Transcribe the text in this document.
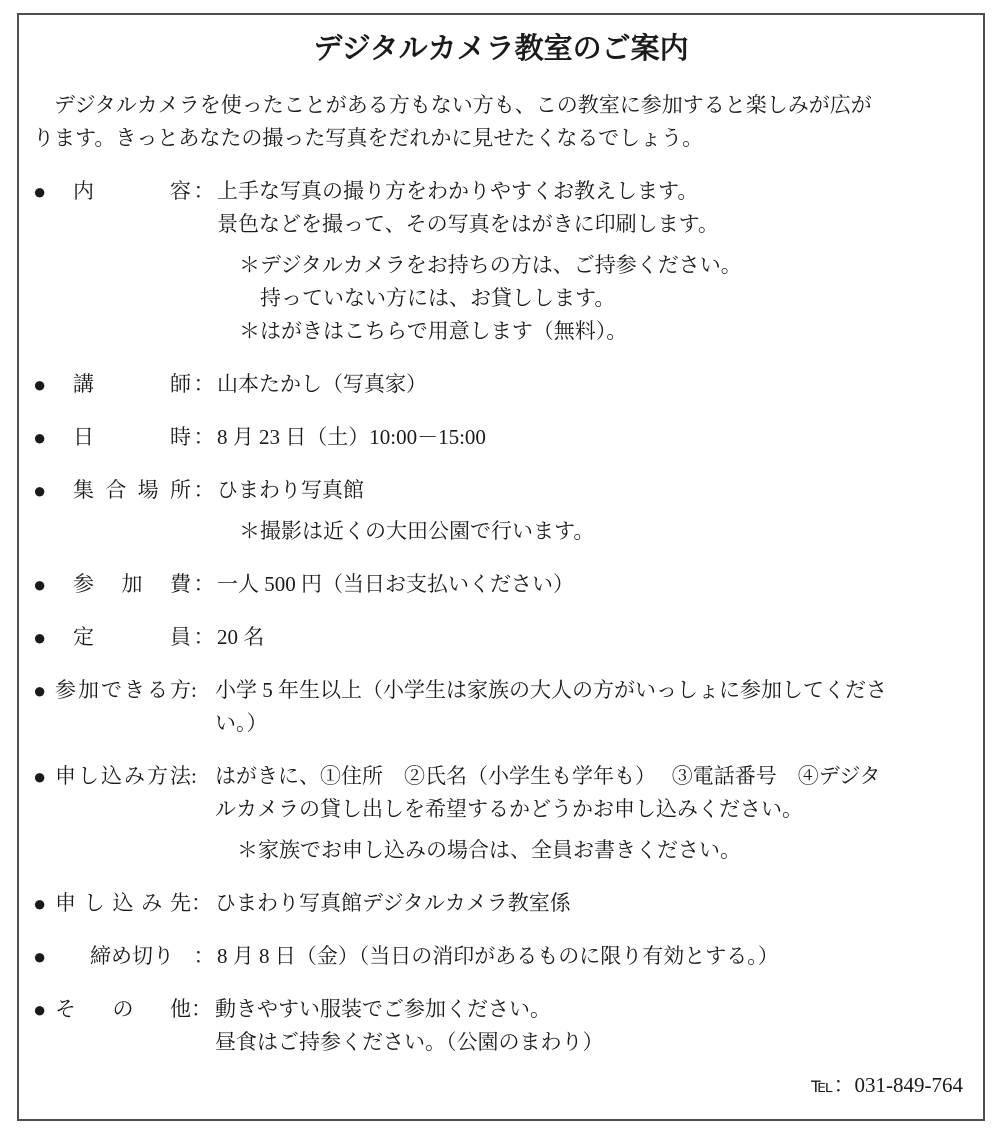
デジタルカメラ教室のご案内
　デジタルカメラを使ったことがある方もない方も、この教室に参加すると楽しみが広が
ります。きっとあなたの撮った写真をだれかに見せたくなるでしょう。
●	内容 ： 上手な写真の撮り方をわかりやすくお教えします。
景色などを撮って、その写真をはがきに印刷します。
＊デジタルカメラをお持ちの方は、ご持参ください。
　持っていない方には、お貸しします。
＊はがきはこちらで用意します（無料）。
●	講師 ： 山本たかし（写真家）
●	日時 ： 8 月 23 日（土）10:00－15:00
●	集合場所 ： ひまわり写真館
＊撮影は近くの大田公園で行います。
●	参加費 ： 一人 500 円（当日お支払いください）
●	定員 ： 20 名
● 参加できる方 : 小学 5 年生以上（小学生は家族の大人の方がいっしょに参加してくださ
い。）
● 申し込み方法 : はがきに、①住所　②氏名（小学生も学年も）　 ③電話番号　④デジタ
ルカメラの貸し出しを希望するかどうかお申し込みください。
＊家族でお申し込みの場合は、全員お書きください。
● 申し込み先 ： ひまわり写真館デジタルカメラ教室係
●	締め切り ： 8 月 8 日（金）（当日の消印があるものに限り有効とする。）
● その他 ： 動きやすい服装でご参加ください。
昼食はご持参ください。（公園のまわり）
℡：031-849-764
